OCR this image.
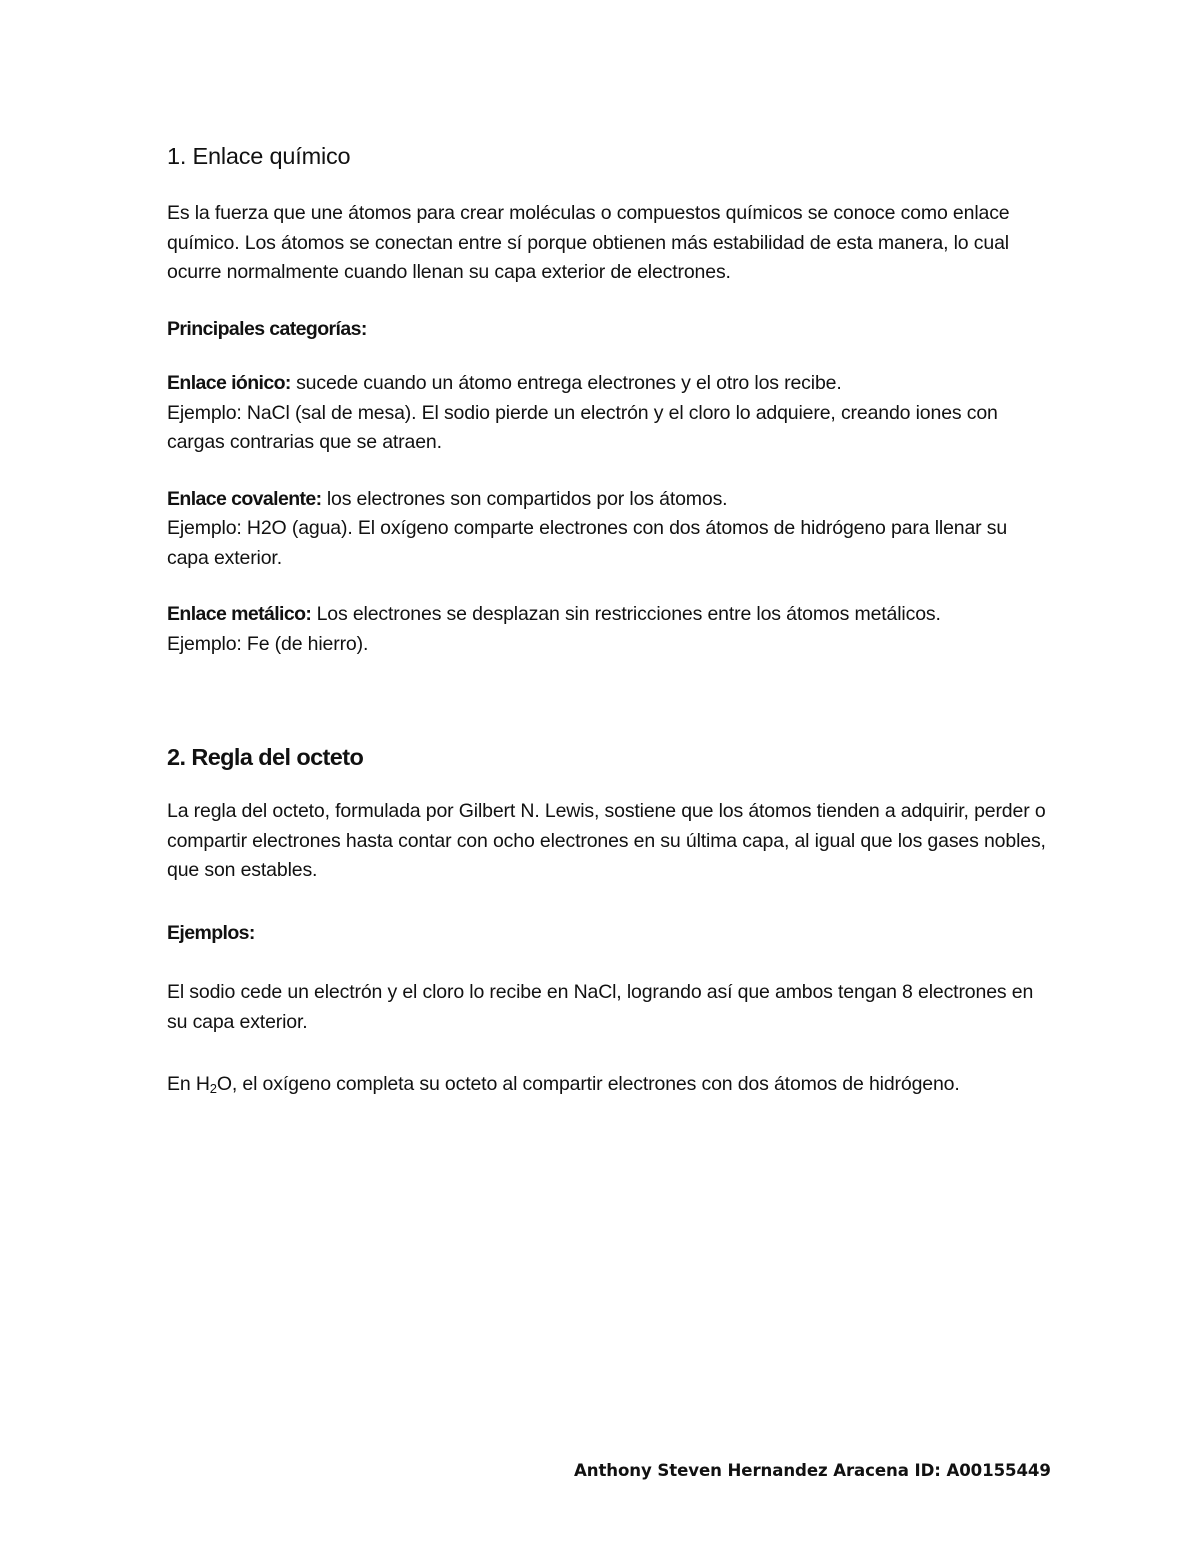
1. Enlace químico

Es la fuerza que une átomos para crear moléculas o compuestos químicos se conoce como enlace químico. Los átomos se conectan entre sí porque obtienen más estabilidad de esta manera, lo cual ocurre normalmente cuando llenan su capa exterior de electrones.

Principales categorías:

Enlace iónico: sucede cuando un átomo entrega electrones y el otro los recibe.

Ejemplo: NaCl (sal de mesa). El sodio pierde un electrón y el cloro lo adquiere, creando iones con cargas contrarias que se atraen.

Enlace covalente: los electrones son compartidos por los átomos.

Ejemplo: H2O (agua). El oxígeno comparte electrones con dos átomos de hidrógeno para llenar su capa exterior.

Enlace metálico: Los electrones se desplazan sin restricciones entre los átomos metálicos.

Ejemplo: Fe (de hierro).

2. Regla del octeto

La regla del octeto, formulada por Gilbert N. Lewis, sostiene que los átomos tienden a adquirir, perder o compartir electrones hasta contar con ocho electrones en su última capa, al igual que los gases nobles, que son estables.

Ejemplos:

El sodio cede un electrón y el cloro lo recibe en NaCl, logrando así que ambos tengan 8 electrones en su capa exterior.

En $H_2O$, el oxígeno completa su octeto al compartir electrones con dos átomos de hidrógeno.

Anthony Steven Hernandez Aracena ID: A00155449
